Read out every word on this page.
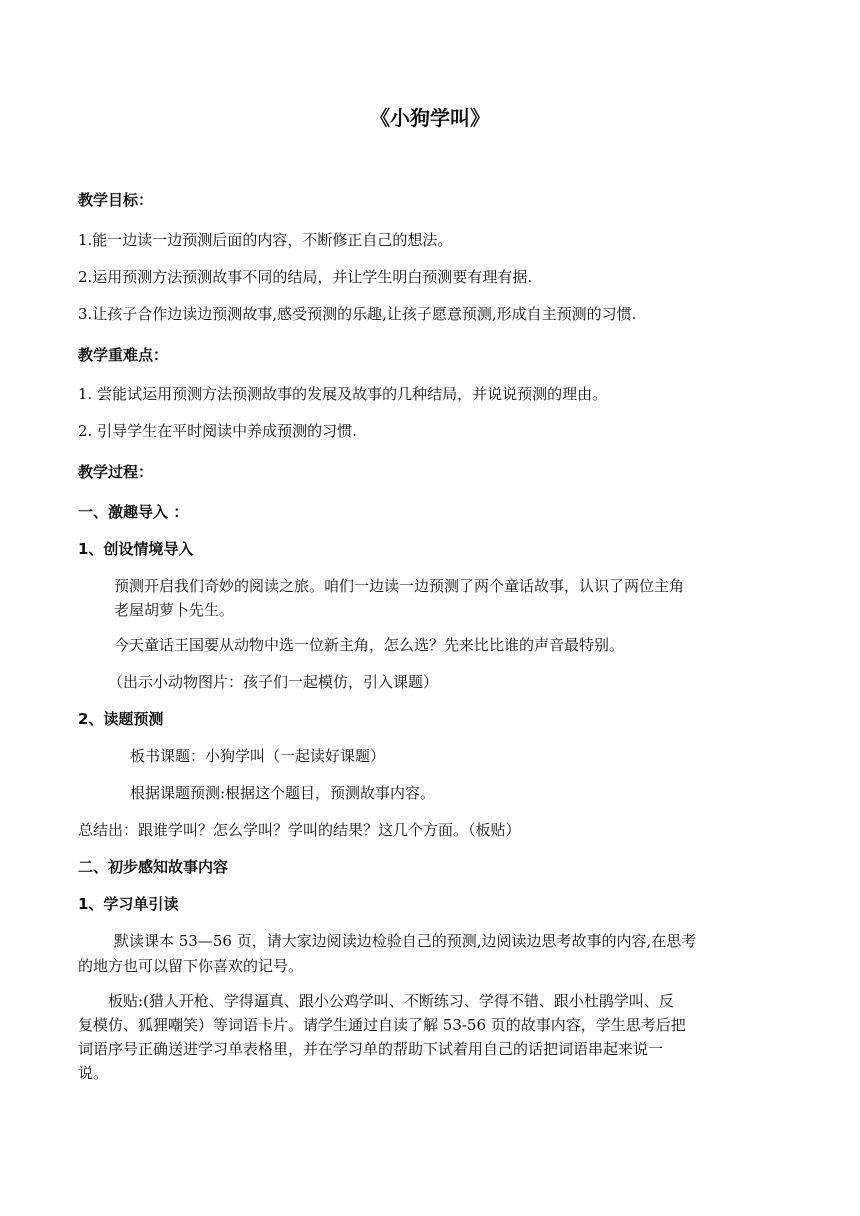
《小狗学叫》
教学目标：
1.能一边读一边预测后面的内容，不断修正自己的想法。
2.运用预测方法预测故事不同的结局，并让学生明白预测要有理有据.
3.让孩子合作边读边预测故事,感受预测的乐趣,让孩子愿意预测,形成自主预测的习惯.
教学重难点：
1. 尝能试运用预测方法预测故事的发展及故事的几种结局，并说说预测的理由。
2. 引导学生在平时阅读中养成预测的习惯.
教学过程：
一、激趣导入 ：
1、创设情境导入
预测开启我们奇妙的阅读之旅。咱们一边读一边预测了两个童话故事，认识了两位主角
老屋胡萝卜先生。
今天童话王国要从动物中选一位新主角，怎么选？先来比比谁的声音最特别。
（出示小动物图片：孩子们一起模仿，引入课题）
2、读题预测
板书课题：小狗学叫（一起读好课题）
根据课题预测:根据这个题目，预测故事内容。
总结出：跟谁学叫？怎么学叫？学叫的结果？这几个方面。（板贴）
二、初步感知故事内容
1、学习单引读
默读课本 53—56 页，请大家边阅读边检验自己的预测,边阅读边思考故事的内容,在思考
的地方也可以留下你喜欢的记号。
板贴:(猎人开枪、学得逼真、跟小公鸡学叫、不断练习、学得不错、跟小杜鹃学叫、反
复模仿、狐狸嘲笑）等词语卡片。请学生通过自读了解 53-56 页的故事内容，学生思考后把
词语序号正确送进学习单表格里，并在学习单的帮助下试着用自己的话把词语串起来说一
说。
